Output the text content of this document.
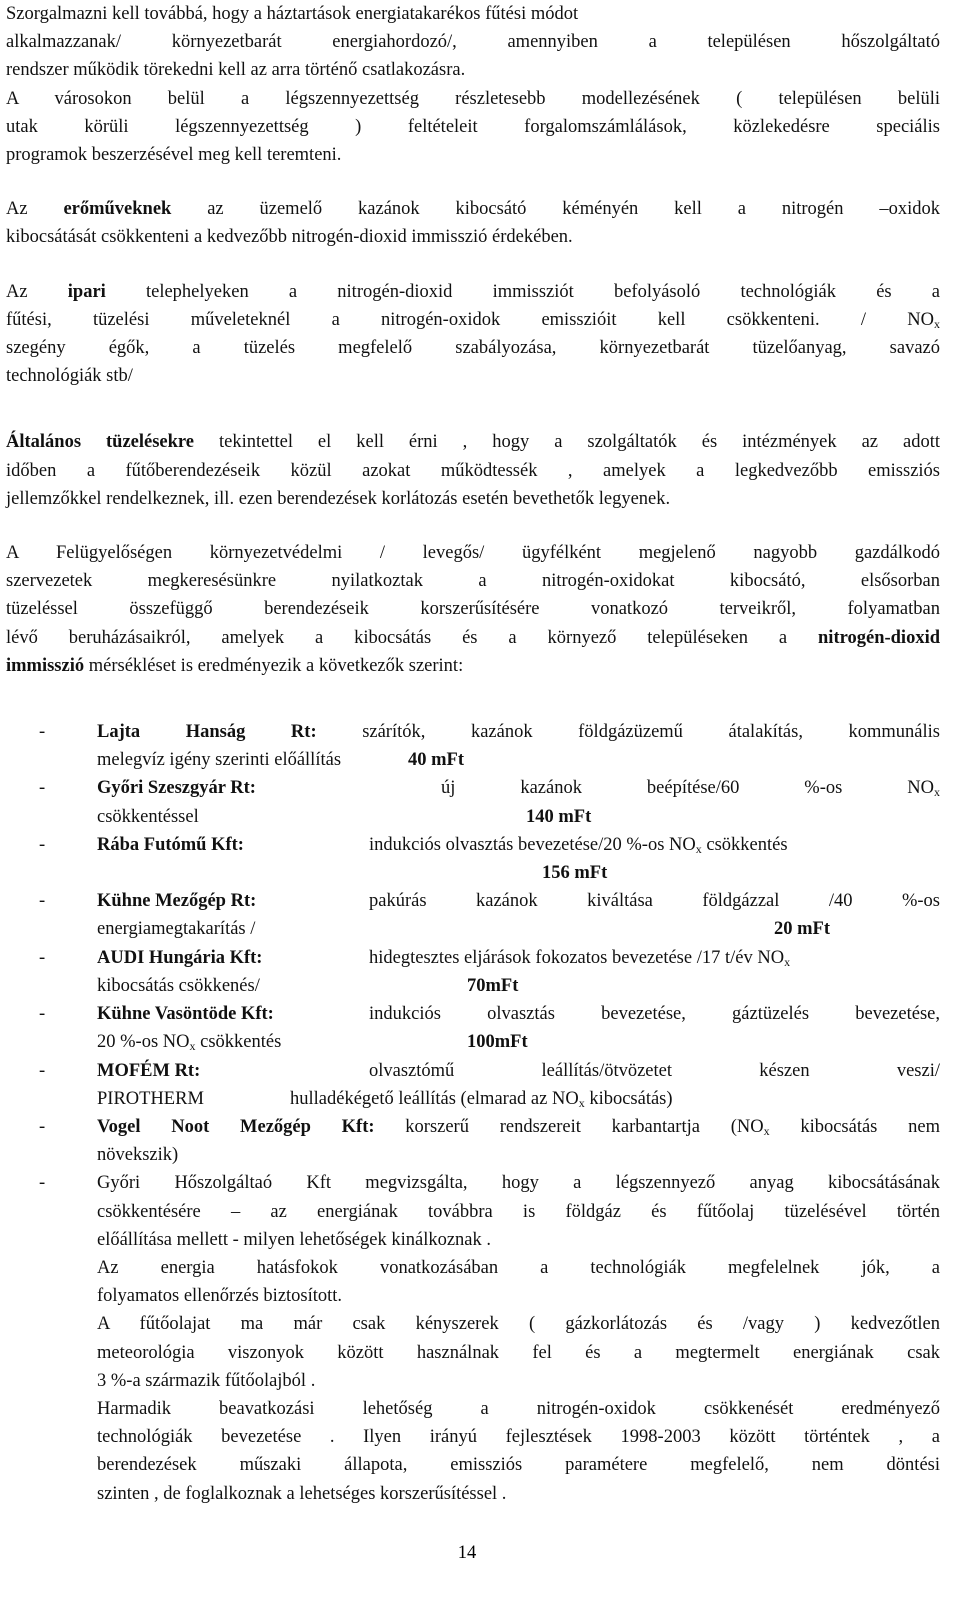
Szorgalmazni kell továbbá, hogy a háztartások energiatakarékos fűtési módot
alkalmazzanak/ környezetbarát energiahordozó/, amennyiben a településen hőszolgáltató
rendszer működik törekedni kell az arra történő csatlakozásra.
A városokon belül a légszennyezettség részletesebb modellezésének ( településen belüli
utak körüli légszennyezettség ) feltételeit forgalomszámlálások, közlekedésre speciális
programok beszerzésével meg kell teremteni.
Az erőműveknek az üzemelő kazánok kibocsátó kéményén kell a nitrogén –oxidok
kibocsátását csökkenteni a kedvezőbb nitrogén-dioxid immisszió érdekében.
Az ipari telephelyeken a nitrogén-dioxid immissziót befolyásoló technológiák és a
fűtési, tüzelési műveleteknél a nitrogén-oxidok emisszióit kell csökkenteni. / $NO_x$
szegény égők, a tüzelés megfelelő szabályozása, környezetbarát tüzelőanyag, savazó
technológiák stb/
Általános tüzelésekre tekintettel el kell érni , hogy a szolgáltatók és intézmények az adott
időben a fűtőberendezéseik közül azokat működtessék , amelyek a legkedvezőbb emissziós
jellemzőkkel rendelkeznek, ill. ezen berendezések korlátozás esetén bevethetők legyenek.
A Felügyelőségen környezetvédelmi / levegős/ ügyfélként megjelenő nagyobb gazdálkodó
szervezetek megkeresésünkre nyilatkoztak a nitrogén-oxidokat kibocsátó, elsősorban
tüzeléssel összefüggő berendezéseik korszerűsítésére vonatkozó terveikről, folyamatban
lévő beruházásaikról, amelyek a kibocsátás és a környező településeken a nitrogén-dioxid
immisszió mérsékléset is eredményezik a következők szerint:
-	Lajta Hanság Rt: szárítók, kazánok földgázüzemű átalakítás, kommunális
melegvíz igény szerinti előállítás	40 mFt
-	Győri Szeszgyár Rt:	új kazánok beépítése/60 %-os $NO_x$
csökkentéssel	140 mFt
-	Rába Futómű Kft:	indukciós olvasztás bevezetése/20 %-os $NO_x$ csökkentés
156 mFt

-	Kühne Mezőgép Rt:	pakúrás kazánok kiváltása földgázzal /40 %-os
energiamegtakarítás /	20 mFt
-	AUDI Hungária Kft:	hidegtesztes eljárások fokozatos bevezetése /17 t/év $NO_x$
kibocsátás csökkenés/	70mFt
-	Kühne Vasöntöde Kft:	indukciós olvasztás bevezetése, gáztüzelés bevezetése,
20 %-os $NO_x$ csökkentés	100mFt
-	MOFÉM Rt:	olvasztómű leállítás/ötvözetet készen veszi/
PIROTHERM	hulladékégető leállítás (elmarad az $NO_x$ kibocsátás)
-	Vogel Noot Mezőgép Kft: korszerű rendszereit karbantartja ($NO_x$ kibocsátás nem
növekszik)
-	Győri Hőszolgáltaó Kft megvizsgálta, hogy a légszennyező anyag kibocsátásának
csökkentésére – az energiának továbbra is földgáz és fűtőolaj tüzelésével történ
előállítása mellett - milyen lehetőségek kinálkoznak .
Az energia hatásfokok vonatkozásában a technológiák megfelelnek jók, a
folyamatos ellenőrzés biztosított.
A fűtőolajat ma már csak kényszerek ( gázkorlátozás és /vagy ) kedvezőtlen
meteorológia viszonyok között használnak fel és a megtermelt energiának csak
3 %-a származik fűtőolajból .
Harmadik beavatkozási lehetőség a nitrogén-oxidok csökkenését eredményező
technológiák bevezetése . Ilyen irányú fejlesztések 1998-2003 között történtek , a
berendezések műszaki állapota, emissziós paramétere megfelelő, nem döntési
szinten , de foglalkoznak a lehetséges korszerűsítéssel .
14
